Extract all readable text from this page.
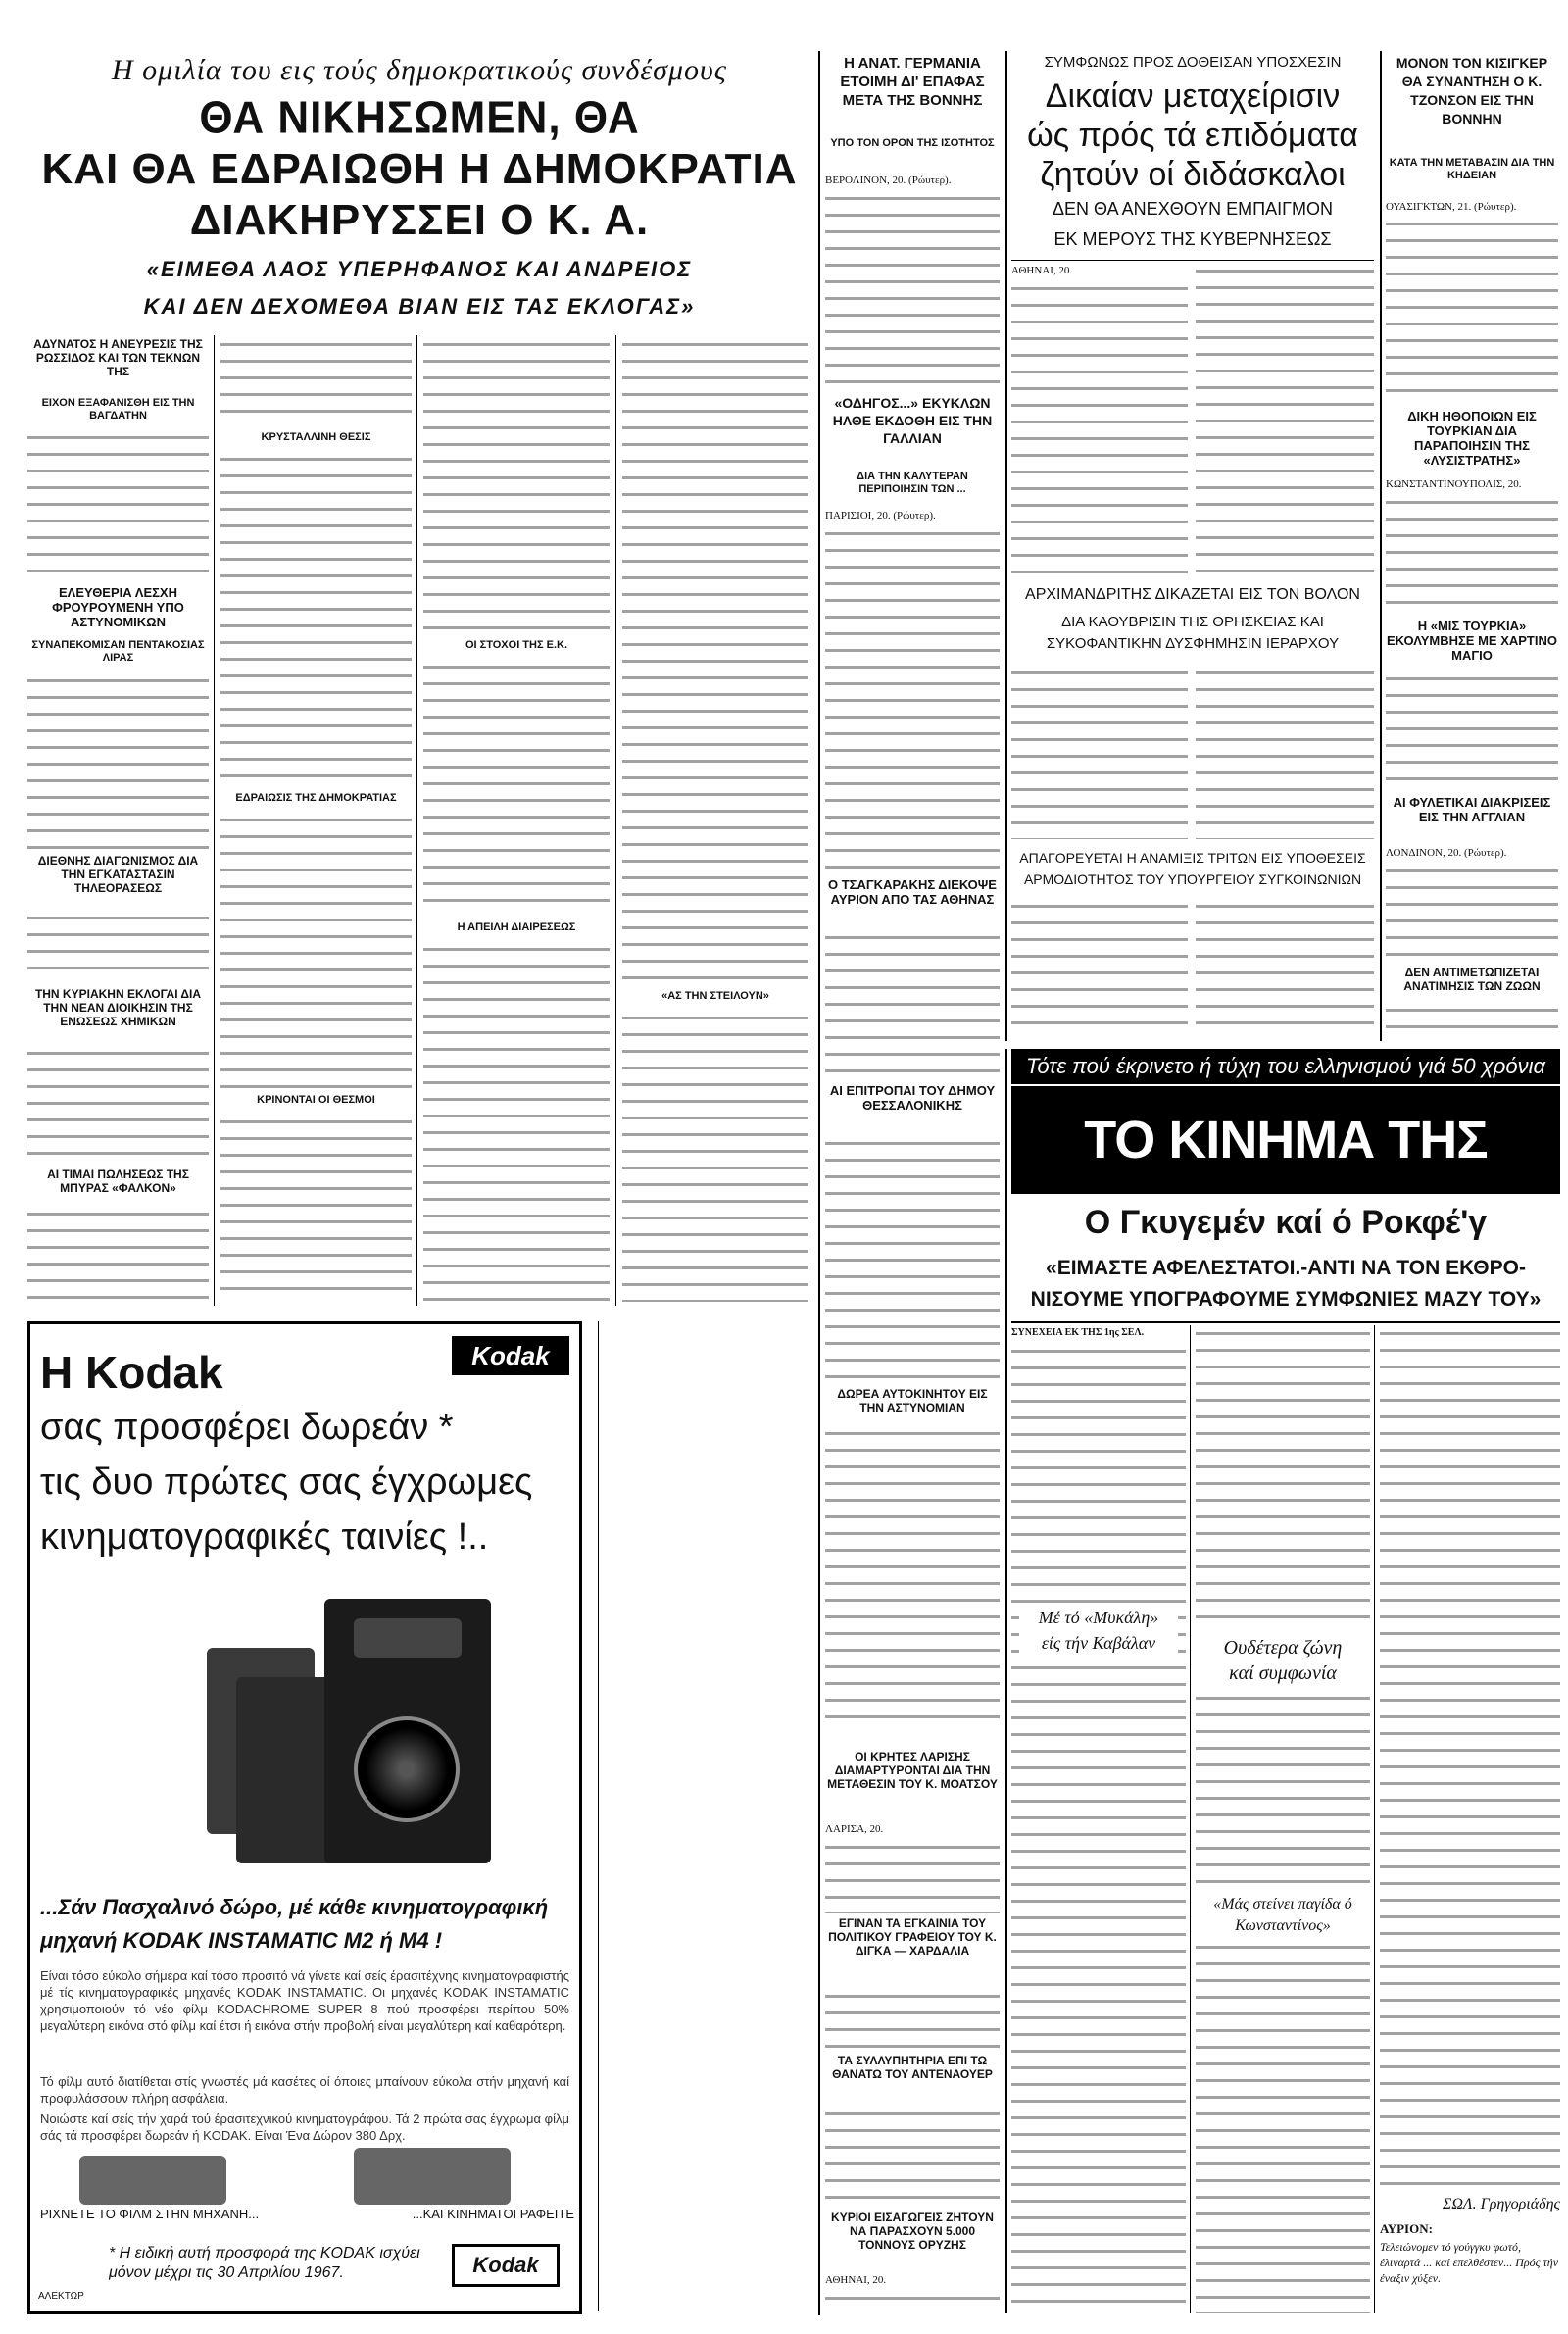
Η ομιλία του εις τούς δημοκρατικούς συνδέσμους
ΘΑ ΝΙΚΗΣΩΜΕΝ, ΘΑ
ΚΑΙ ΘΑ ΕΔΡΑΙΩΘΗ Η ΔΗΜΟΚΡΑΤΙΑ
ΔΙΑΚΗΡΥΣΣΕΙ Ο Κ. Α.
«ΕΙΜΕΘΑ ΛΑΟΣ ΥΠΕΡΗΦΑΝΟΣ ΚΑΙ ΑΝΔΡΕΙΟΣ
ΚΑΙ ΔΕΝ ΔΕΧΟΜΕΘΑ ΒΙΑΝ ΕΙΣ ΤΑΣ ΕΚΛΟΓΑΣ»
ΑΔΥΝΑΤΟΣ Η ΑΝΕΥΡΕΣΙΣ ΤΗΣ ΡΩΣΣΙΔΟΣ ΚΑΙ ΤΩΝ ΤΕΚΝΩΝ ΤΗΣ
ΕΙΧΟΝ ΕΞΑΦΑΝΙΣΘΗ ΕΙΣ ΤΗΝ ΒΑΓΔΑΤΗΝ
ΕΛΕΥΘΕΡΙΑ ΛΕΣΧΗ ΦΡΟΥΡΟΥΜΕΝΗ ΥΠΟ ΑΣΤΥΝΟΜΙΚΩΝ
ΣΥΝΑΠΕΚΟΜΙΣΑΝ ΠΕΝΤΑΚΟΣΙΑΣ ΛΙΡΑΣ
ΔΙΕΘΝΗΣ ΔΙΑΓΩΝΙΣΜΟΣ ΔΙΑ ΤΗΝ ΕΓΚΑΤΑΣΤΑΣΙΝ ΤΗΛΕΟΡΑΣΕΩΣ
ΤΗΝ ΚΥΡΙΑΚΗΝ ΕΚΛΟΓΑΙ ΔΙΑ ΤΗΝ ΝΕΑΝ ΔΙΟΙΚΗΣΙΝ ΤΗΣ ΕΝΩΣΕΩΣ ΧΗΜΙΚΩΝ
ΑΙ ΤΙΜΑΙ ΠΩΛΗΣΕΩΣ ΤΗΣ ΜΠΥΡΑΣ «ΦΑΛΚΟΝ»
ΚΡΥΣΤΑΛΛΙΝΗ ΘΕΣΙΣ
ΕΔΡΑΙΩΣΙΣ ΤΗΣ ΔΗΜΟΚΡΑΤΙΑΣ
ΚΡΙΝΟΝΤΑΙ ΟΙ ΘΕΣΜΟΙ
ΟΙ ΣΤΟΧΟΙ ΤΗΣ Ε.Κ.
Η ΑΠΕΙΛΗ ΔΙΑΙΡΕΣΕΩΣ
«ΑΣ ΤΗΝ ΣΤΕΙΛΟΥΝ»
Η Kodak	Kodak
σας προσφέρει δωρεάν *
τις δυο πρώτες σας έγχρωμες
κινηματογραφικές ταινίες !..
...Σάν Πασχαλινό δώρο, μέ κάθε κινηματογραφική
μηχανή KODAK INSTAMATIC M2 ή M4 !
Είναι τόσο εύκολο σήμερα καί τόσο προσιτό νά γίνετε καί σείς έρασιτέχνης κινηματογραφιστής μέ τίς κινηματογραφικές μηχανές KODAK INSTAMATIC. Οι μηχανές KODAK INSTAMATIC χρησιμοποιούν τό νέο φίλμ KODACHROME SUPER 8 πού προσφέρει περίπου 50% μεγαλύτερη εικόνα στό φίλμ καί έτσι ή εικόνα στήν προβολή είναι μεγαλύτερη καί καθαρότερη.
Τό φίλμ αυτό διατίθεται στίς γνωστές μά κασέτες οί όποιες μπαίνουν εύκολα στήν μηχανή καί προφυλάσσουν πλήρη ασφάλεια.
Νοιώστε καί σείς τήν χαρά τού έρασιτεχνικού κινηματογράφου. Τά 2 πρώτα σας έγχρωμα φίλμ σάς τά προσφέρει δωρεάν ή KODAK. Είναι Ένα Δώρον 380 Δρχ.
ΡΙΧΝΕΤΕ ΤΟ ΦΙΛΜ ΣΤΗΝ ΜΗΧΑΝΗ...	...ΚΑΙ ΚΙΝΗΜΑΤΟΓΡΑΦΕΙΤΕ
* Η ειδική αυτή προσφορά της KODAK ισχύει μόνον μέχρι τις 30 Απριλίου 1967.	Kodak
ΑΛΕΚΤΩΡ
Η ΑΝΑΤ. ΓΕΡΜΑΝΙΑ ΕΤΟΙΜΗ ΔΙ' ΕΠΑΦΑΣ ΜΕΤΑ ΤΗΣ ΒΟΝΝΗΣ
ΥΠΟ ΤΟΝ ΟΡΟΝ ΤΗΣ ΙΣΟΤΗΤΟΣ
ΒΕΡΟΛΙΝΟΝ, 20. (Ρώυτερ).
«ΟΔΗΓΟΣ...» ΕΚΥΚΛΩΝ ΗΛΘΕ ΕΚΔΟΘΗ ΕΙΣ ΤΗΝ ΓΑΛΛΙΑΝ
ΔΙΑ ΤΗΝ ΚΑΛΥΤΕΡΑΝ ΠΕΡΙΠΟΙΗΣΙΝ ΤΩΝ ...
ΠΑΡΙΣΙΟΙ, 20. (Ρώυτερ).
Ο ΤΣΑΓΚΑΡΑΚΗΣ ΔΙΕΚΟΨΕ ΑΥΡΙΟΝ ΑΠΟ ΤΑΣ ΑΘΗΝΑΣ
ΑΙ ΕΠΙΤΡΟΠΑΙ ΤΟΥ ΔΗΜΟΥ ΘΕΣΣΑΛΟΝΙΚΗΣ
ΔΩΡΕΑ ΑΥΤΟΚΙΝΗΤΟΥ ΕΙΣ ΤΗΝ ΑΣΤΥΝΟΜΙΑΝ
ΟΙ ΚΡΗΤΕΣ ΛΑΡΙΣΗΣ ΔΙΑΜΑΡΤΥΡΟΝΤΑΙ ΔΙΑ ΤΗΝ ΜΕΤΑΘΕΣΙΝ ΤΟΥ Κ. ΜΟΑΤΣΟΥ
ΛΑΡΙΣΑ, 20.
ΕΓΙΝΑΝ ΤΑ ΕΓΚΑΙΝΙΑ ΤΟΥ ΠΟΛΙΤΙΚΟΥ ΓΡΑΦΕΙΟΥ ΤΟΥ Κ. ΔΙΓΚΑ — ΧΑΡΔΑΛΙΑ
ΤΑ ΣΥΛΛΥΠΗΤΗΡΙΑ ΕΠΙ ΤΩ ΘΑΝΑΤΩ ΤΟΥ ΑΝΤΕΝΑΟΥΕΡ
ΚΥΡΙΟΙ ΕΙΣΑΓΩΓΕΙΣ ΖΗΤΟΥΝ ΝΑ ΠΑΡΑΣΧΟΥΝ 5.000 ΤΟΝΝΟΥΣ ΟΡΥΖΗΣ
ΑΘΗΝΑΙ, 20.
ΣΥΜΦΩΝΩΣ ΠΡΟΣ ΔΟΘΕΙΣΑΝ ΥΠΟΣΧΕΣΙΝ
Δικαίαν μεταχείρισιν
ώς πρός τά επιδόματα
ζητούν οί διδάσκαλοι
ΔΕΝ ΘΑ ΑΝΕΧΘΟΥΝ ΕΜΠΑΙΓΜΟΝ
ΕΚ ΜΕΡΟΥΣ ΤΗΣ ΚΥΒΕΡΝΗΣΕΩΣ
ΑΘΗΝΑΙ, 20.
ΑΡΧΙΜΑΝΔΡΙΤΗΣ ΔΙΚΑΖΕΤΑΙ ΕΙΣ ΤΟΝ ΒΟΛΟΝ
ΔΙΑ ΚΑΘΥΒΡΙΣΙΝ ΤΗΣ ΘΡΗΣΚΕΙΑΣ ΚΑΙ ΣΥΚΟΦΑΝΤΙΚΗΝ ΔΥΣΦΗΜΗΣΙΝ ΙΕΡΑΡΧΟΥ
ΑΠΑΓΟΡΕΥΕΤΑΙ Η ΑΝΑΜΙΞΙΣ ΤΡΙΤΩΝ ΕΙΣ ΥΠΟΘΕΣΕΙΣ ΑΡΜΟΔΙΟΤΗΤΟΣ ΤΟΥ ΥΠΟΥΡΓΕΙΟΥ ΣΥΓΚΟΙΝΩΝΙΩΝ
ΜΟΝΟΝ ΤΟΝ ΚΙΣΙΓΚΕΡ ΘΑ ΣΥΝΑΝΤΗΣΗ Ο Κ. ΤΖΟΝΣΟΝ ΕΙΣ ΤΗΝ ΒΟΝΝΗΝ
ΚΑΤΑ ΤΗΝ ΜΕΤΑΒΑΣΙΝ ΔΙΑ ΤΗΝ ΚΗΔΕΙΑΝ
ΟΥΑΣΙΓΚΤΩΝ, 21. (Ρώυτερ).
ΔΙΚΗ ΗΘΟΠΟΙΩΝ ΕΙΣ ΤΟΥΡΚΙΑΝ ΔΙΑ ΠΑΡΑΠΟΙΗΣΙΝ ΤΗΣ «ΛΥΣΙΣΤΡΑΤΗΣ»
ΚΩΝΣΤΑΝΤΙΝΟΥΠΟΛΙΣ, 20.
Η «ΜΙΣ ΤΟΥΡΚΙΑ» ΕΚΟΛΥΜΒΗΣΕ ΜΕ ΧΑΡΤΙΝΟ ΜΑΓΙΟ
ΑΙ ΦΥΛΕΤΙΚΑΙ ΔΙΑΚΡΙΣΕΙΣ ΕΙΣ ΤΗΝ ΑΓΓΛΙΑΝ
ΛΟΝΔΙΝΟΝ, 20. (Ρώυτερ).
ΔΕΝ ΑΝΤΙΜΕΤΩΠΙΖΕΤΑΙ ΑΝΑΤΙΜΗΣΙΣ ΤΩΝ ΖΩΩΝ
Τότε πού έκρινετο ή τύχη του ελληνισμού γιά 50 χρόνια
ΤΟ ΚΙΝΗΜΑ ΤΗΣ
Ο Γκυγεμέν καί ό Ροκφέ'γ
«ΕΙΜΑΣΤΕ ΑΦΕΛΕΣΤΑΤΟΙ.-ΑΝΤΙ ΝΑ ΤΟΝ ΕΚΘΡΟ-
ΝΙΣΟΥΜΕ ΥΠΟΓΡΑΦΟΥΜΕ ΣΥΜΦΩΝΙΕΣ ΜΑΖΥ ΤΟΥ»
ΣΥΝΕΧΕΙΑ ΕΚ ΤΗΣ 1ης ΣΕΛ.
Ουδέτερα ζώνη
καί συμφωνία
«Μάς στείνει παγίδα ό Κωνσταντίνος»
ΣΩΛ. Γρηγοριάδης
ΑΥΡΙΟΝ:
Τελειώνομεν τό γούγγκυ φωτό, έλιναρτά ... καί επελθέστεν... Πρός τήν έναξιν χύξεν.
Μέ τό «Μυκάλη»
είς τήν Καβάλαν
